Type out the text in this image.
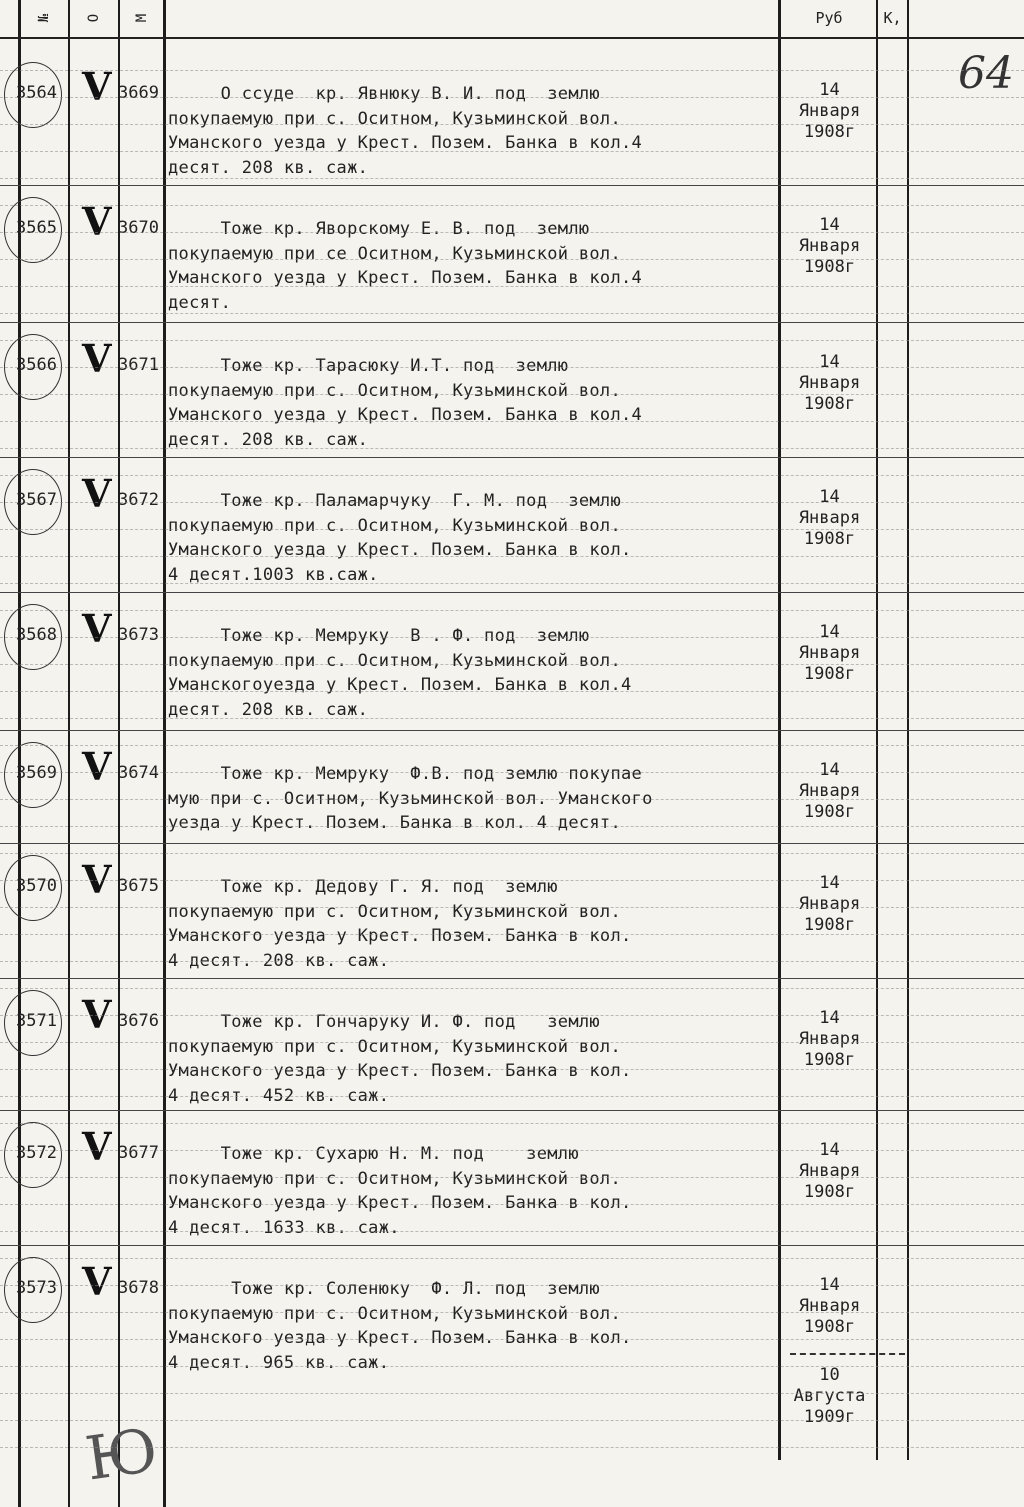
№ О М	Руб	К,
64
3564 V 3669 О ссуде  кр. Явнюку В. И. под  землю
покупаемую при с. Оситном, Кузьминской вол.
Уманского уезда у Крест. Позем. Банка в кол.4
десят. 208 кв. саж.
14
Января
1908г
3565 V 3670 Тоже кр. Яворскому Е. В. под  землю
покупаемую при се Оситном, Кузьминской вол.
Уманского уезда у Крест. Позем. Банка в кол.4
десят.
14
Января
1908г
3566 V 3671 Тоже кр. Тарасюку И.Т. под  землю
покупаемую при с. Оситном, Кузьминской вол.
Уманского уезда у Крест. Позем. Банка в кол.4
десят. 208 кв. саж.
14
Января
1908г
3567 V 3672 Тоже кр. Паламарчуку  Г. М. под  землю
покупаемую при с. Оситном, Кузьминской вол.
Уманского уезда у Крест. Позем. Банка в кол.
4 десят.1003 кв.саж.
14
Января
1908г
3568 V 3673 Тоже кр. Мемруку  В . Ф. под  землю
покупаемую при с. Оситном, Кузьминской вол.
Уманскогоуезда у Крест. Позем. Банка в кол.4
десят. 208 кв. саж.
14
Января
1908г
3569 V 3674 Тоже кр. Мемруку  Ф.В. под землю покупае
мую при с. Оситном, Кузьминской вол. Уманского
уезда у Крест. Позем. Банка в кол. 4 десят.
14
Января
1908г
3570 V 3675 Тоже кр. Дедову Г. Я. под  землю
покупаемую при с. Оситном, Кузьминской вол.
Уманского уезда у Крест. Позем. Банка в кол.
4 десят. 208 кв. саж.
14
Января
1908г
3571 V 3676 Тоже кр. Гончаруку И. Ф. под   землю
покупаемую при с. Оситном, Кузьминской вол.
Уманского уезда у Крест. Позем. Банка в кол.
4 десят. 452 кв. саж.
14
Января
1908г
3572 V 3677 Тоже кр. Сухарю Н. М. под    землю
покупаемую при с. Оситном, Кузьминской вол.
Уманского уезда у Крест. Позем. Банка в кол.
4 десят. 1633 кв. саж.
14
Января
1908г
3573 V 3678 Тоже кр. Соленюку  Ф. Л. под  землю
покупаемую при с. Оситном, Кузьминской вол.
Уманского уезда у Крест. Позем. Банка в кол.
4 десят. 965 кв. саж.
14
Января
1908г
10
Августа
1909г
Ю
